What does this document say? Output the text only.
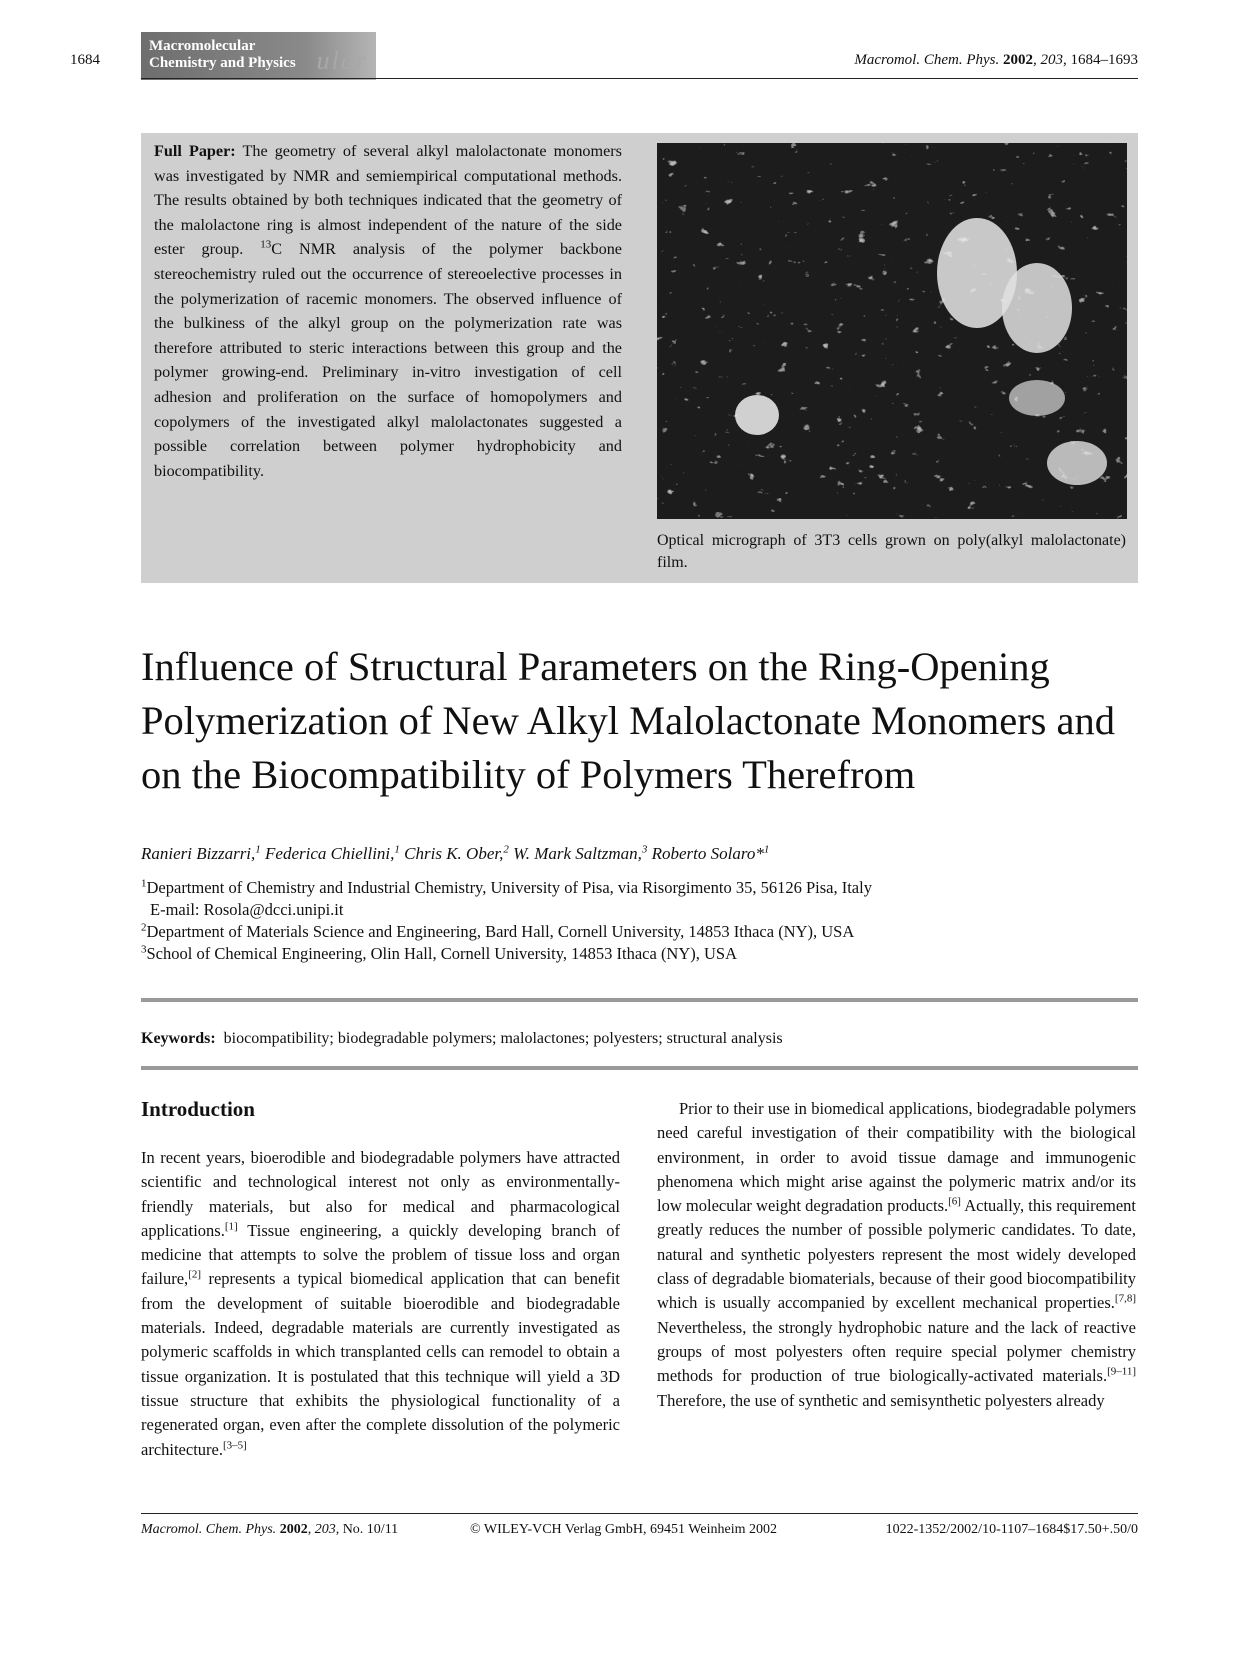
1684
Macromolecular
Chemistry and Physics ular	Macromol. Chem. Phys. 2002, 203, 1684–1693
Full Paper: The geometry of several alkyl malolactonate monomers was investigated by NMR and semiempirical computational methods. The results obtained by both techniques indicated that the geometry of the malolactone ring is almost independent of the nature of the side ester group. $^{13}$C NMR analysis of the polymer backbone stereochemistry ruled out the occurrence of stereoelective processes in the polymerization of racemic monomers. The observed influence of the bulkiness of the alkyl group on the polymerization rate was therefore attributed to steric interactions between this group and the polymer growing-end. Preliminary in-vitro investigation of cell adhesion and proliferation on the surface of homopolymers and copolymers of the investigated alkyl malolactonates suggested a possible correlation between polymer hydrophobicity and biocompatibility.
Optical micrograph of 3T3 cells grown on poly(alkyl malolactonate) film.
Influence of Structural Parameters on the Ring-Opening Polymerization of New Alkyl Malolactonate Monomers and on the Biocompatibility of Polymers Therefrom
Ranieri Bizzarri,$^1$ Federica Chiellini,$^1$ Chris K. Ober,$^2$ W. Mark Saltzman,$^3$ Roberto Solaro*$^1$
$^1$Department of Chemistry and Industrial Chemistry, University of Pisa, via Risorgimento 35, 56126 Pisa, Italy
E-mail: Rosola@dcci.unipi.it
$^2$Department of Materials Science and Engineering, Bard Hall, Cornell University, 14853 Ithaca (NY), USA
$^3$School of Chemical Engineering, Olin Hall, Cornell University, 14853 Ithaca (NY), USA
Keywords: biocompatibility; biodegradable polymers; malolactones; polyesters; structural analysis
Introduction
In recent years, bioerodible and biodegradable polymers have attracted scientific and technological interest not only as environmentally-friendly materials, but also for medical and pharmacological applications.[1] Tissue engineering, a quickly developing branch of medicine that attempts to solve the problem of tissue loss and organ failure,[2] represents a typical biomedical application that can benefit from the development of suitable bioerodible and biodegradable materials. Indeed, degradable materials are currently investigated as polymeric scaffolds in which transplanted cells can remodel to obtain a tissue organization. It is postulated that this technique will yield a 3D tissue structure that exhibits the physiological functionality of a regenerated organ, even after the complete dissolution of the polymeric architecture.[3–5]
Prior to their use in biomedical applications, biodegradable polymers need careful investigation of their compatibility with the biological environment, in order to avoid tissue damage and immunogenic phenomena which might arise against the polymeric matrix and/or its low molecular weight degradation products.[6] Actually, this requirement greatly reduces the number of possible polymeric candidates. To date, natural and synthetic polyesters represent the most widely developed class of degradable biomaterials, because of their good biocompatibility which is usually accompanied by excellent mechanical properties.[7,8] Nevertheless, the strongly hydrophobic nature and the lack of reactive groups of most polyesters often require special polymer chemistry methods for production of true biologically-activated materials.[9–11] Therefore, the use of synthetic and semisynthetic polyesters already
Macromol. Chem. Phys. 2002, 203, No. 10/11	© WILEY-VCH Verlag GmbH, 69451 Weinheim 2002	1022-1352/2002/10-1107–1684$17.50+.50/0
